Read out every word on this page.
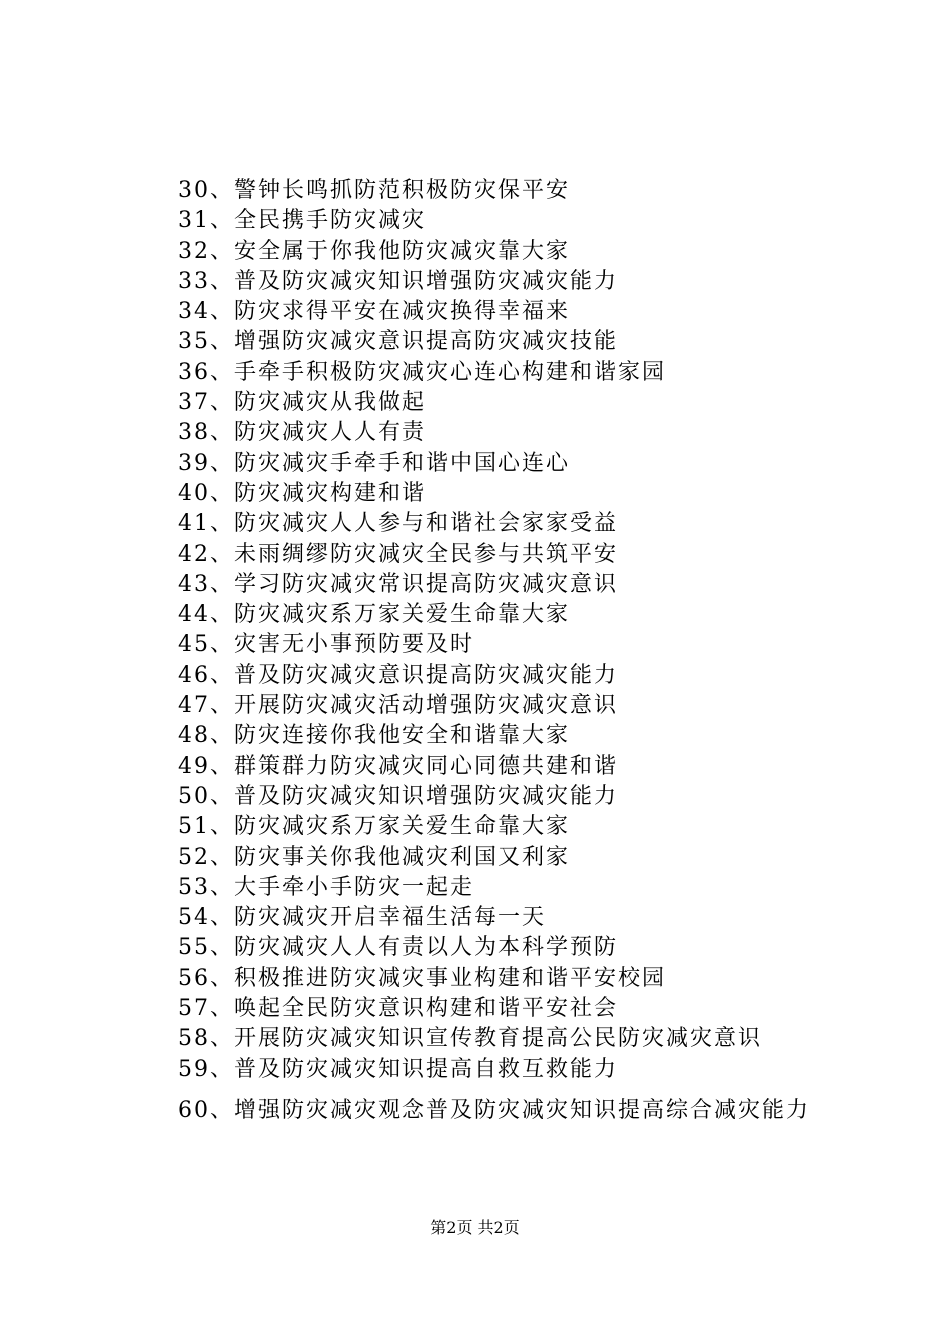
30、警钟长鸣抓防范积极防灾保平安
31、全民携手防灾减灾
32、安全属于你我他防灾减灾靠大家
33、普及防灾减灾知识增强防灾减灾能力
34、防灾求得平安在减灾换得幸福来
35、增强防灾减灾意识提高防灾减灾技能
36、手牵手积极防灾减灾心连心构建和谐家园
37、防灾减灾从我做起
38、防灾减灾人人有责
39、防灾减灾手牵手和谐中国心连心
40、防灾减灾构建和谐
41、防灾减灾人人参与和谐社会家家受益
42、未雨绸缪防灾减灾全民参与共筑平安
43、学习防灾减灾常识提高防灾减灾意识
44、防灾减灾系万家关爱生命靠大家
45、灾害无小事预防要及时
46、普及防灾减灾意识提高防灾减灾能力
47、开展防灾减灾活动增强防灾减灾意识
48、防灾连接你我他安全和谐靠大家
49、群策群力防灾减灾同心同德共建和谐
50、普及防灾减灾知识增强防灾减灾能力
51、防灾减灾系万家关爱生命靠大家
52、防灾事关你我他减灾利国又利家
53、大手牵小手防灾一起走
54、防灾减灾开启幸福生活每一天
55、防灾减灾人人有责以人为本科学预防
56、积极推进防灾减灾事业构建和谐平安校园
57、唤起全民防灾意识构建和谐平安社会
58、开展防灾减灾知识宣传教育提高公民防灾减灾意识
59、普及防灾减灾知识提高自救互救能力
60、增强防灾减灾观念普及防灾减灾知识提高综合减灾能力
第2页 共2页
